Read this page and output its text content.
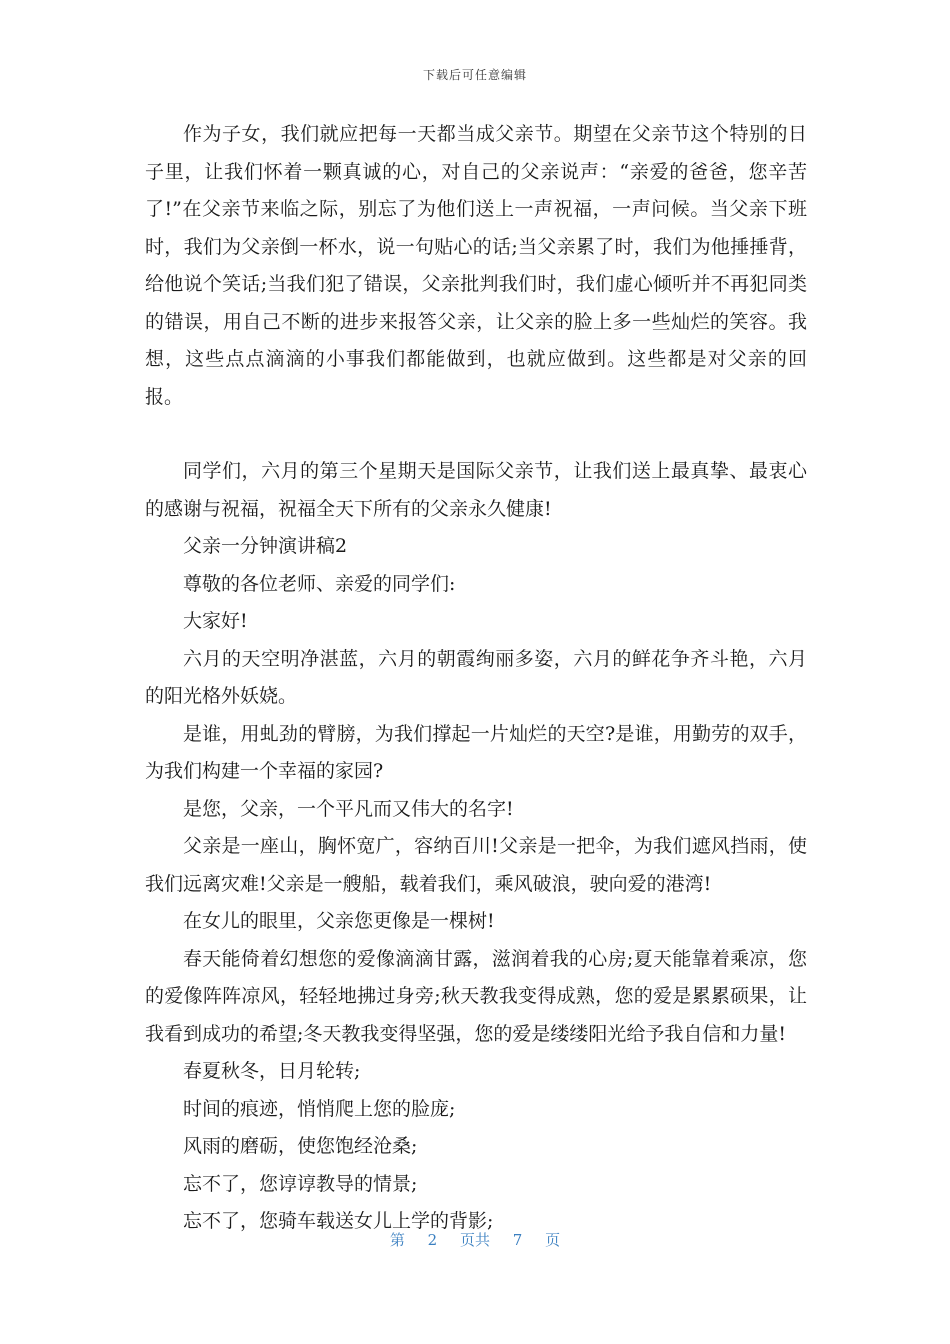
下载后可任意编辑

作为子女，我们就应把每一天都当成父亲节。期望在父亲节这个特别的日子里，让我们怀着一颗真诚的心，对自己的父亲说声：“亲爱的爸爸，您辛苦了!”在父亲节来临之际，别忘了为他们送上一声祝福，一声问候。当父亲下班时，我们为父亲倒一杯水，说一句贴心的话;当父亲累了时，我们为他捶捶背，给他说个笑话;当我们犯了错误，父亲批判我们时，我们虚心倾听并不再犯同类的错误，用自己不断的进步来报答父亲，让父亲的脸上多一些灿烂的笑容。我想，这些点点滴滴的小事我们都能做到，也就应做到。这些都是对父亲的回报。

同学们，六月的第三个星期天是国际父亲节，让我们送上最真挚、最衷心的感谢与祝福，祝福全天下所有的父亲永久健康!

父亲一分钟演讲稿2

尊敬的各位老师、亲爱的同学们:

大家好!

六月的天空明净湛蓝，六月的朝霞绚丽多姿，六月的鲜花争齐斗艳，六月的阳光格外妖娆。

是谁，用虬劲的臂膀，为我们撑起一片灿烂的天空?是谁，用勤劳的双手，为我们构建一个幸福的家园?

是您，父亲，一个平凡而又伟大的名字!

父亲是一座山，胸怀宽广，容纳百川!父亲是一把伞，为我们遮风挡雨，使我们远离灾难!父亲是一艘船，载着我们，乘风破浪，驶向爱的港湾!

在女儿的眼里，父亲您更像是一棵树!

春天能倚着幻想您的爱像滴滴甘露，滋润着我的心房;夏天能靠着乘凉，您的爱像阵阵凉风，轻轻地拂过身旁;秋天教我变得成熟，您的爱是累累硕果，让我看到成功的希望;冬天教我变得坚强，您的爱是缕缕阳光给予我自信和力量!

春夏秋冬，日月轮转;

时间的痕迹，悄悄爬上您的脸庞;

风雨的磨砺，使您饱经沧桑;

忘不了，您谆谆教导的情景;

忘不了，您骑车载送女儿上学的背影;

第 2 页共 7 页
